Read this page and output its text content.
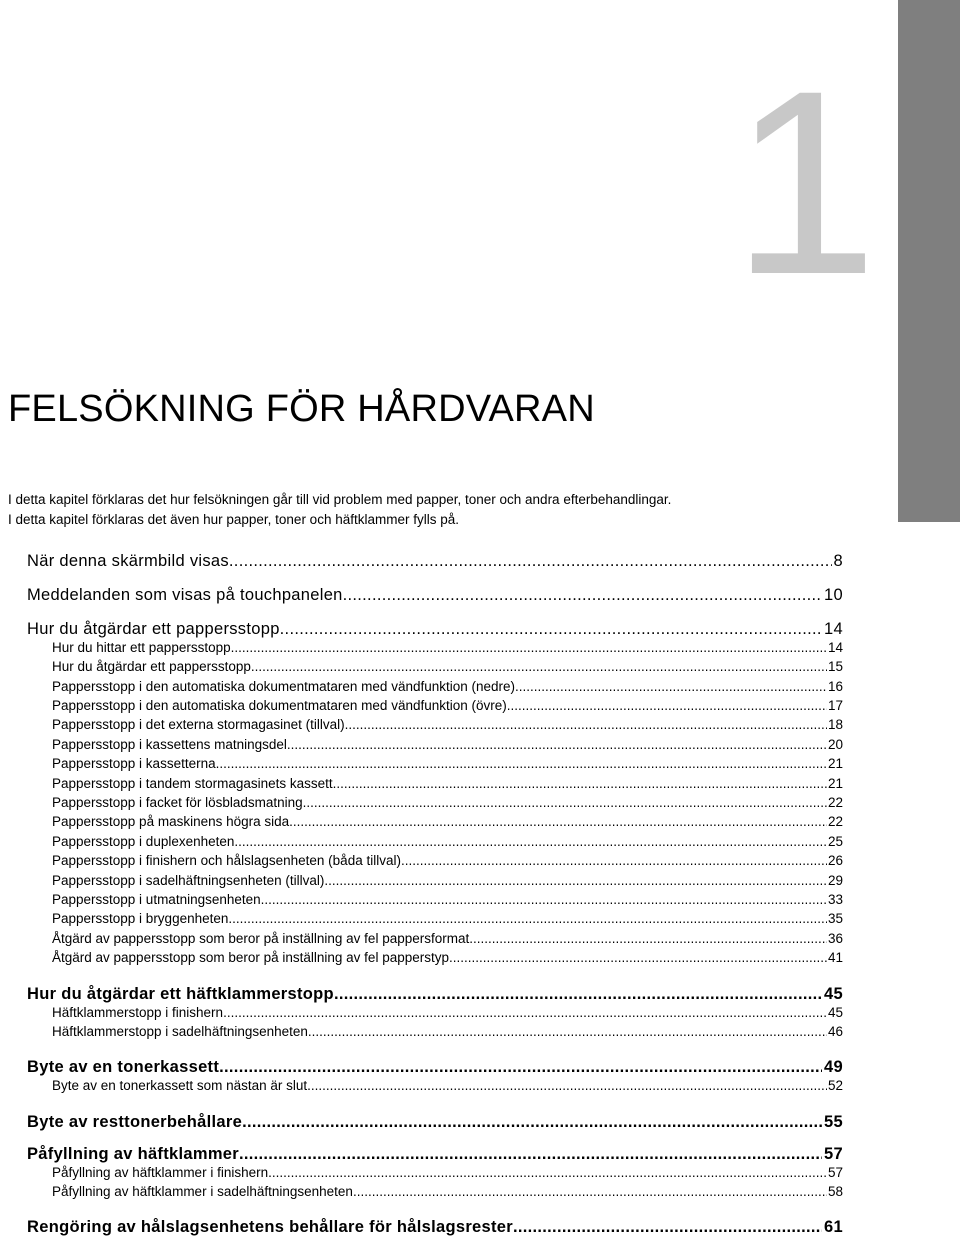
1
FELSÖKNING FÖR HÅRDVARAN
I detta kapitel förklaras det hur felsökningen går till vid problem med papper, toner och andra efterbehandlingar.
I detta kapitel förklaras det även hur papper, toner och häftklammer fylls på.
När denna skärmbild visas .....	8
Meddelanden som visas på touchpanelen .....	10
Hur du åtgärdar ett pappersstopp .....	14
Hur du hittar ett pappersstopp .....	14
Hur du åtgärdar ett pappersstopp .....	15
Pappersstopp i den automatiska dokumentmataren med vändfunktion (nedre) .....	16
Pappersstopp i den automatiska dokumentmataren med vändfunktion (övre) .....	17
Pappersstopp i det externa stormagasinet (tillval) .....	18
Pappersstopp i kassettens matningsdel .....	20
Pappersstopp i kassetterna .....	21
Pappersstopp i tandem stormagasinets kassett .....	21
Pappersstopp i facket för lösbladsmatning .....	22
Pappersstopp på maskinens högra sida .....	22
Pappersstopp i duplexenheten .....	25
Pappersstopp i finishern och hålslagsenheten (båda tillval) .....	26
Pappersstopp i sadelhäftningsenheten (tillval) .....	29
Pappersstopp i utmatningsenheten .....	33
Pappersstopp i bryggenheten .....	35
Åtgärd av pappersstopp som beror på inställning av fel pappersformat .....	36
Åtgärd av pappersstopp som beror på inställning av fel papperstyp .....	41
Hur du åtgärdar ett häftklammerstopp .....	45
Häftklammerstopp i finishern .....	45
Häftklammerstopp i sadelhäftningsenheten .....	46
Byte av en tonerkassett .....	49
Byte av en tonerkassett som nästan är slut .....	52
Byte av resttonerbehållare .....	55
Påfyllning av häftklammer .....	57
Påfyllning av häftklammer i finishern .....	57
Påfyllning av häftklammer i sadelhäftningsenheten .....	58
Rengöring av hålslagsenhetens behållare för hålslagsrester .....	61
